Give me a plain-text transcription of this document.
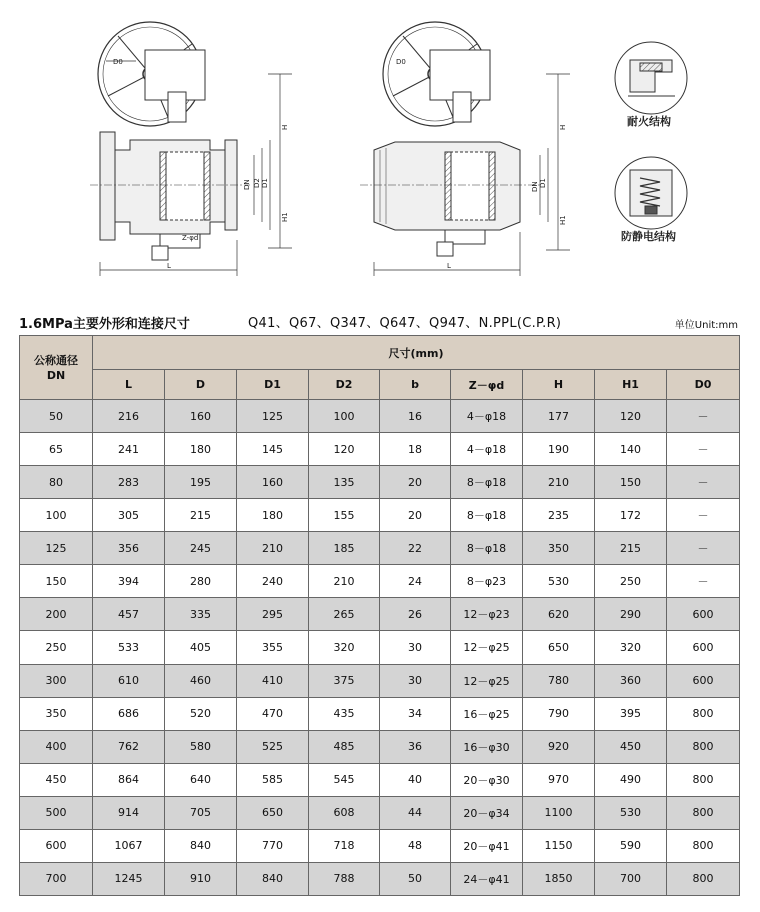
D0
H
DN D2 D1
H1
L
Z-φd
D0
H
DN D1
H1
L
耐火结构
防静电结构
1.6MPa主要外形和连接尺寸	Q41、Q67、Q347、Q647、Q947、N.PPL(C.P.R)	单位Unit:mm
公称通径
DN	尺寸(mm)								
	L	D	D1	D2	b	Z－φd	H	H1	D0
50	216	160	125	100	16	4－φ18	177	120	－
65	241	180	145	120	18	4－φ18	190	140	－
80	283	195	160	135	20	8－φ18	210	150	－
100	305	215	180	155	20	8－φ18	235	172	－
125	356	245	210	185	22	8－φ18	350	215	－
150	394	280	240	210	24	8－φ23	530	250	－
200	457	335	295	265	26	12－φ23	620	290	600
250	533	405	355	320	30	12－φ25	650	320	600
300	610	460	410	375	30	12－φ25	780	360	600
350	686	520	470	435	34	16－φ25	790	395	800
400	762	580	525	485	36	16－φ30	920	450	800
450	864	640	585	545	40	20－φ30	970	490	800
500	914	705	650	608	44	20－φ34	1100	530	800
600	1067	840	770	718	48	20－φ41	1150	590	800
700	1245	910	840	788	50	24－φ41	1850	700	800
